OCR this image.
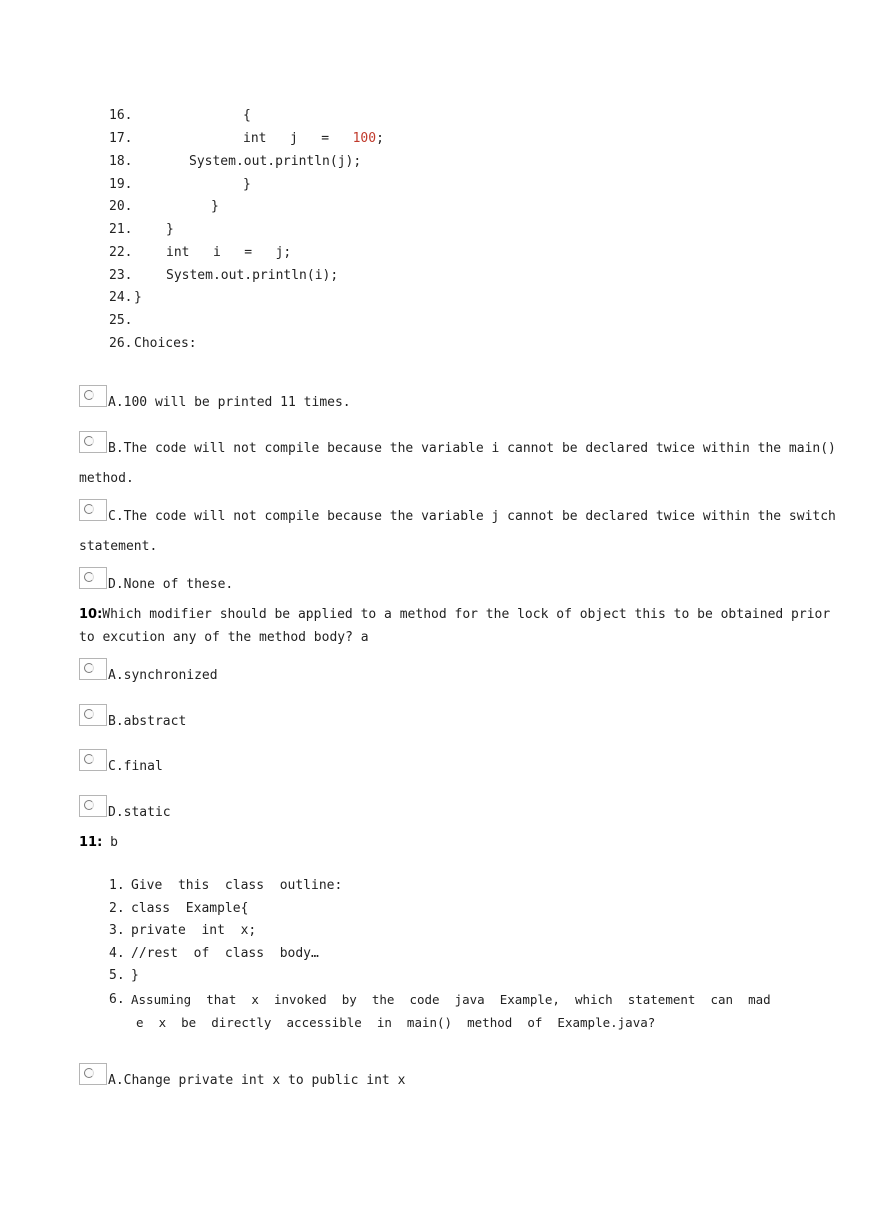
16.	{
17.	int   j   =   100;
18.	System.out.println(j);
19.	}
20.	}
21.	}
22.	int   i   =   j;
23.	System.out.println(i);
24. }
25.
26. Choices:
A.100 will be printed 11 times.
B.The code will not compile because the variable i cannot be declared twice within the main()
method.
C.The code will not compile because the variable j cannot be declared twice within the switch
statement.
D.None of these.
10:Which modifier should be applied to a method for the lock of object this to be obtained prior
to excution any of the method body? a
A.synchronized
B.abstract
C.final
D.static
11: b
1. Give  this  class  outline:
2. class  Example{
3. private  int  x;
4. //rest  of  class  body…
5. }
6. Assuming  that  x  invoked  by  the  code  java  Example,  which  statement  can  mad
e  x  be  directly  accessible  in  main()  method  of  Example.java?
A.Change private int x to public int x
